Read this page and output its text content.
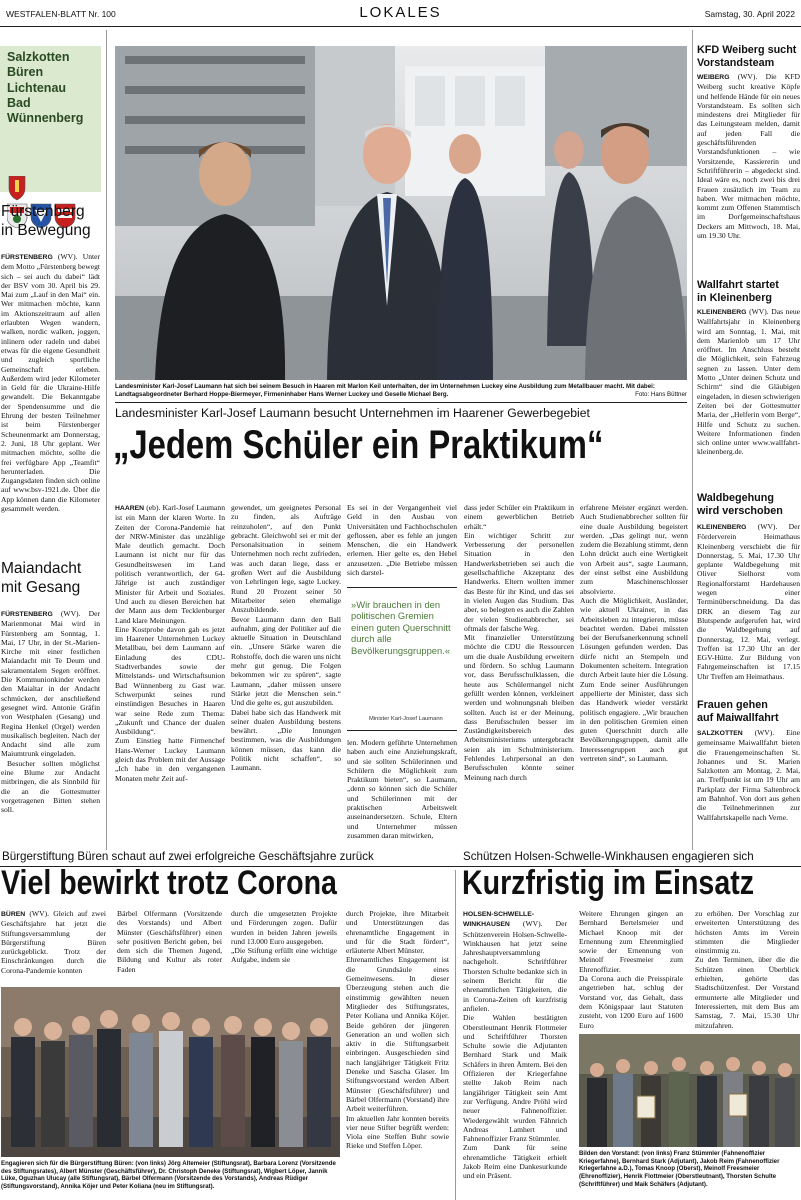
WESTFALEN-BLATT Nr. 100	LOKALES	Samstag, 30. April 2022
Salzkotten
Büren
Lichtenau
Bad
Wünnenberg
Fürstenberg
in Bewegung

FÜRSTENBERG (WV). Unter dem Motto „Fürstenberg bewegt sich – sei auch du dabei“ lädt der BSV vom 30. April bis 29. Mai zum „Lauf in den Mai“ ein. Wer mitmachen möchte, kann im Aktionszeitraum auf allen erlaubten Wegen wandern, walken, nordic walken, joggen, inlinern oder radeln und dabei etwas für die eigene Gesundheit und zugleich sportliche Gemeinschaft erleben. Außerdem wird jeder Kilometer in Geld für die Ukraine-Hilfe gewandelt. Die Bekanntgabe der Spendensumme und die Ehrung der besten Teilnehmer ist beim Fürstenberger Scheunenmarkt am Donnerstag, 2. Juni, 18 Uhr geplant. Wer mitmachen möchte, sollte die frei verfügbare App „Teamfit“ herunterladen. Die Zugangsdaten finden sich online auf www.bsv-1921.de. Über die App können dann die Kilometer gesammelt werden.

Maiandacht
mit Gesang

FÜRSTENBERG (WV). Der Marienmonat Mai wird in Fürstenberg am Sonntag, 1. Mai, 17 Uhr, in der St.-Marien-Kirche mit einer festlichen Maiandacht mit Te Deum und sakramentalem Segen eröffnet. Die Kommunionkinder werden den Maialtar in der Andacht schmücken, der anschließend gesegnet wird. Antonie Gräfin von Westphalen (Gesang) und Regina Henkel (Orgel) werden musikalisch begleiten. Nach der Andacht sind alle zum Maiumtrunk eingeladen.

Besucher sollten möglichst eine Blume zur Andacht mitbringen, die als Sinnbild für die an die Gottesmutter vorgetragenen Bitten stehen soll.

Landesminister Karl-Josef Laumann hat sich bei seinem Besuch in Haaren mit Marlon Keil unterhalten, der im Unternehmen Luckey eine Ausbildung zum Metallbauer macht. Mit dabei: Landtagsabgeordneter Berhard Hoppe-Biermeyer, Firmeninhaber Hans Werner Luckey und Geselle Michael Berg.	Foto: Hans Büttner
Landesminister Karl-Josef Laumann besucht Unternehmen im Haarener Gewerbegebiet
„Jedem Schüler ein Praktikum“

HAAREN (eb). Karl-Josef Laumann ist ein Mann der klaren Worte. In Zeiten der Corona-Pandemie hat der NRW-Minister das unzählige Male deutlich gemacht. Doch Laumann ist nicht nur für das Gesundheitswesen im Land politisch verantwortlich, der 64-Jährige ist auch zuständiger Minister für Arbeit und Soziales. Und auch zu diesen Bereichen hat der Mann aus dem Tecklenburger Land klare Meinungen.
Eine Kostprobe davon gab es jetzt im Haarener Unternehmen Luckey Metallbau, bei dem Laumann auf Einladung des CDU-Stadtverbandes sowie der Mittelstands- und Wirtschaftsunion Bad Wünnenberg zu Gast war. Schwerpunkt seines rund einstündigen Besuches in Haaren war seine Rede zum Thema: „Zukunft und Chance der dualen Ausbildung“.
Zum Einstieg hatte Firmenchef Hans-Werner Luckey Laumann gleich das Problem mit der Aussage „Ich habe in den vergangenen Monaten mehr Zeit auf-

gewendet, um geeignetes Personal zu finden, als Aufträge reinzuholen“, auf den Punkt gebracht. Gleichwohl sei er mit der Personalsituation in seinem Unternehmen noch recht zufrieden, was auch daran liege, dass er großen Wert auf die Ausbildung von Lehrlingen lege, sagte Luckey. Rund 20 Prozent seiner 50 Mitarbeiter seien ehemalige Auszubildende.
Bevor Laumann dann den Ball aufnahm, ging der Politiker auf die aktuelle Situation in Deutschland ein. „Unsere Stärke waren die Rohstoffe, doch die waren uns nicht mehr gut genug. Die Folgen bekommen wir zu spüren“, sagte Laumann, „daher müssen unsere Stärke jetzt die Menschen sein.“ Und die gelte es, gut auszubilden.
Dabei habe sich das Handwerk mit seiner dualen Ausbildung bestens bewährt. „Die Innungen bestimmen, was die Ausbildungen können müssen, das kann die Politik nicht schaffen“, so Laumann.

Es sei in der Vergangenheit viel Geld in den Ausbau von Universitäten und Fachhochschulen geflossen, aber es fehle an jungen Menschen, die ein Handwerk erlernen. Hier gelte es, den Hebel anzusetzen. „Die Betriebe müssen sich darstel-

»Wir brauchen in den politischen Gremien einen guten Querschnitt durch alle Bevölkerungsgruppen.«
Minister Karl-Josef Laumann

len. Modern geführte Unternehmen haben auch eine Anziehungskraft, und sie sollten Schülerinnen und Schülern die Möglichkeit zum Praktikum bieten“, so Laumann, „denn so können sich die Schüler und Schülerinnen mit der praktischen Arbeitswelt auseinandersetzen. Schule, Eltern und Unternehmer müssen zusammen daran mitwirken,

dass jeder Schüler ein Praktikum in einem gewerblichen Betrieb erhält.“
Ein wichtiger Schritt zur Verbesserung der personellen Situation in den Handwerksbetrieben sei auch die gesellschaftliche Akzeptanz des Handwerks. Eltern wollten immer das Beste für ihr Kind, und das sei in vielen Augen das Studium. Das aber, so belegten es auch die Zahlen der vielen Studienabbrecher, sei oftmals der falsche Weg.
Mit finanzieller Unterstützung möchte die CDU die Ressourcen um die duale Ausbildung erweitern und fördern. So schlug Laumann vor, dass Berufsschulklassen, die heute aus Schülermangel nicht gefüllt werden können, verkleinert werden und wohnungsnah bleiben sollten. Auch ist er der Meinung, dass Berufsschulen besser im Zuständigkeitsbereich des Arbeitsministeriums untergebracht seien als im Schulministerium. Fehlendes Lehrpersonal an den Berufsschulen könnte seiner Meinung nach durch

erfahrene Meister ergänzt werden. Auch Studienabbrecher sollten für eine duale Ausbildung begeistert werden. „Das gelingt nur, wenn zudem die Bezahlung stimmt, denn Lohn drückt auch eine Wertigkeit von Arbeit aus“, sagte Laumann, der einst selbst eine Ausbildung zum Maschinenschlosser absolvierte.
Auch die Möglichkeit, Ausländer, wie aktuell Ukrainer, in das Arbeitsleben zu integrieren, müsse beachtet werden. Dabei müssten bei der Berufsanerkennung schnell Lösungen gefunden werden. Das dürfe nicht an Stempeln und Dokumenten scheitern. Integration durch Arbeit laute hier die Lösung. Zum Ende seiner Ausführungen appellierte der Minister, dass sich das Handwerk wieder verstärkt politisch engagiere. „Wir brauchen in den politischen Gremien einen guten Querschnitt durch alle Bevölkerungsgruppen, damit alle Interessengruppen auch gut vertreten sind“, so Laumann.

KFD Weiberg sucht
Vorstandsteam

WEIBERG (WV). Die KFD Weiberg sucht kreative Köpfe und helfende Hände für ein neues Vorstandsteam. Es sollten sich mindestens drei Mitglieder für das Leitungsteam melden, damit auf jeden Fall die geschäftsführenden Vorstandsfunktionen – wie Vorsitzende, Kassiererin und Schriftführerin – abgedeckt sind. Ideal wäre es, noch zwei bis drei Frauen zusätzlich im Team zu haben. Wer mitmachen möchte, kommt zum Offenen Stammtisch im Dorfgemeinschaftshaus Deckers am Mittwoch, 18. Mai, um 19.30 Uhr.

Wallfahrt startet
in Kleinenberg

KLEINENBERG (WV). Das neue Wallfahrtsjahr in Kleinenberg wird am Sonntag, 1. Mai, mit dem Marienlob um 17 Uhr eröffnet. Im Anschluss besteht die Möglichkeit, sein Fahrzeug segnen zu lassen. Unter dem Motto „Unter deinen Schutz und Schirm“ sind die Gläubigen eingeladen, in diesen schwierigen Zeiten bei der Gottesmutter Maria, der „Helferin vom Berge“, Hilfe und Schutz zu suchen. Weitere Informationen finden sich online unter www.wallfahrt-kleinenberg.de.

Waldbegehung
wird verschoben

KLEINENBERG (WV). Der Förderverein Heimathaus Kleinenberg verschiebt die für Donnerstag, 5. Mai, 17.30 Uhr geplante Waldbegehung mit Oliver Sielhorst vom Regionalforstamt Hardehausen wegen einer Terminüberschneidung. Da das DRK an diesem Tag zur Blutspende aufgerufen hat, wird die Waldbegehung auf Donnerstag, 12. Mai, verlegt. Treffen ist 17.30 Uhr an der EGV-Hütte. Zur Bildung von Fahrgemeinschaften ist 17.15 Uhr Treffen am Heimathaus.

Frauen gehen
auf Maiwallfahrt

SALZKOTTEN (WV). Eine gemeinsame Maiwallfahrt bieten die Frauengemeinschaften St. Johannes und St. Marien Salzkotten am Montag, 2. Mai, an. Treffpunkt ist um 19 Uhr am Parkplatz der Firma Saltenbrock am Bahnhof. Von dort aus gehen die Teilnehmerinnen zur Wallfahrtskapelle nach Verne.

Bürgerstiftung Büren schaut auf zwei erfolgreiche Geschäftsjahre zurück
Viel bewirkt trotz Corona

BÜREN (WV). Gleich auf zwei Geschäftsjahre hat jetzt die Stiftungsversammlung der Bürgerstiftung Büren zurückgeblickt. Trotz der Einschränkungen durch die Corona-Pandemie konnten

Bärbel Olfermann (Vorsitzende des Vorstands) und Albert Münster (Geschäftsführer) einen sehr positiven Bericht geben, bei dem sich die Themen Jugend, Bildung und Kultur als roter Faden

durch die umgesetzten Projekte und Förderungen zogen. Dafür wurden in beiden Jahren jeweils rund 13.000 Euro ausgegeben.
„Die Stiftung erfüllt eine wichtige Aufgabe, indem sie

durch Projekte, ihre Mitarbeit und Unterstützungen das ehrenamtliche Engagement in und für die Stadt fördert“, erläuterte Albert Münster.
Ehrenamtliches Engagement ist die Grundsäule eines Gemeinwesens. In dieser Überzeugung stehen auch die einstimmig gewählten neuen Mitglieder des Stiftungsrates, Peter Koliana und Annika Köjer. Beide gehören der jüngeren Generation an und wollen sich aktiv in die Stiftungsarbeit einbringen. Ausgeschieden sind nach langjähriger Tätigkeit Fritz Deneke und Sascha Glaser. Im Stiftungsvorstand werden Albert Münster (Geschäftsführer) und Bärbel Olfermann (Vorstand) ihre Arbeit weiterführen.
Im aktuellen Jahr konnten bereits vier neue Stifter begrüßt werden: Viola eine Steffen Buhr sowie Rieke und Steffen Löper.

Engagieren sich für die Bürgerstiftung Büren: (von links) Jörg Altemeier (Stiftungsrat), Barbara Lorenz (Vorsitzende des Stiftungsrates), Albert Münster (Geschäftsführer), Dr. Christoph Deneke (Stiftungsrat), Wigbert Löper, Jannik Lüke, Oguzhan Ulucay (alle Stiftungsrat), Bärbel Olfermann (Vorsitzende des Vorstands), Andreas Rüdiger (Stiftungsvorstand), Annika Köjer und Peter Koliana (neu im Stiftungsrat).
Schützen Holsen-Schwelle-Winkhausen engagieren sich
Kurzfristig im Einsatz

HOLSEN-SCHWELLE-WINKHAUSEN (WV). Der Schützenverein Holsen-Schwelle-Winkhausen hat jetzt seine Jahreshauptversammlung nachgeholt. Schriftführer Thorsten Schulte bedankte sich in seinem Bericht für die ehrenamtlichen Tätigkeiten, die in Corona-Zeiten oft kurzfristig anfielen.
Die Wahlen bestätigten Oberstleutnant Henrik Flottmeier und Schriftführer Thorsten Schulte sowie die Adjutanten Bernhard Stark und Maik Schäfers in ihren Ämtern. Bei den Offizieren der Kriegerfahne stellte Jakob Reim nach langjähriger Tätigkeit sein Amt zur Verfügung. Andre Pröhl wird neuer Fahnenoffizier. Wiedergewählt wurden Fähnrich Andreas Lamhert und Fahnenoffizier Franz Stümmler.
Zum Dank für seine ehrenamtliche Tätigkeit erhielt Jakob Reim eine Dankesurkunde und ein Präsent.

Weitere Ehrungen gingen an Bernhard Bertelsmeier und Michael Knoop mit der Ernennung zum Ehrenmitglied sowie der Ernennung von Meinolf Freesmeier zum Ehrenoffizier.
Da Corona auch die Preisspirale angetrieben hat, schlug der Vorstand vor, das Gehalt, dass dem Königspaar laut Statuten zusteht, von 1200 Euro auf 1600 Euro

zu erhöhen. Der Vorschlag zur erweiterten Unterstützung des höchsten Amts im Verein stimmten die Mitglieder einstimmig zu.
Zu den Terminen, über die die Schützen einen Überblick erhielten, gehörte das Stadtschützenfest. Der Vorstand ermunterte alle Mitglieder und Interessierten, mit dem Bus am Samstag, 7. Mai, 15.30 Uhr mitzufahren.

Bilden den Vorstand: (von links) Franz Stümmler (Fahnenoffizier Kriegerfahne), Bernhard Stark (Adjutant), Jakob Reim (Fahnenoffizier Kriegerfahne a.D.), Tomas Knoop (Oberst), Meinolf Freesmeier (Ehrenoffizier), Henrik Flottmeier (Oberstleutnant), Thorsten Schulte (Schriftführer) und Maik Schäfers (Adjutant).
